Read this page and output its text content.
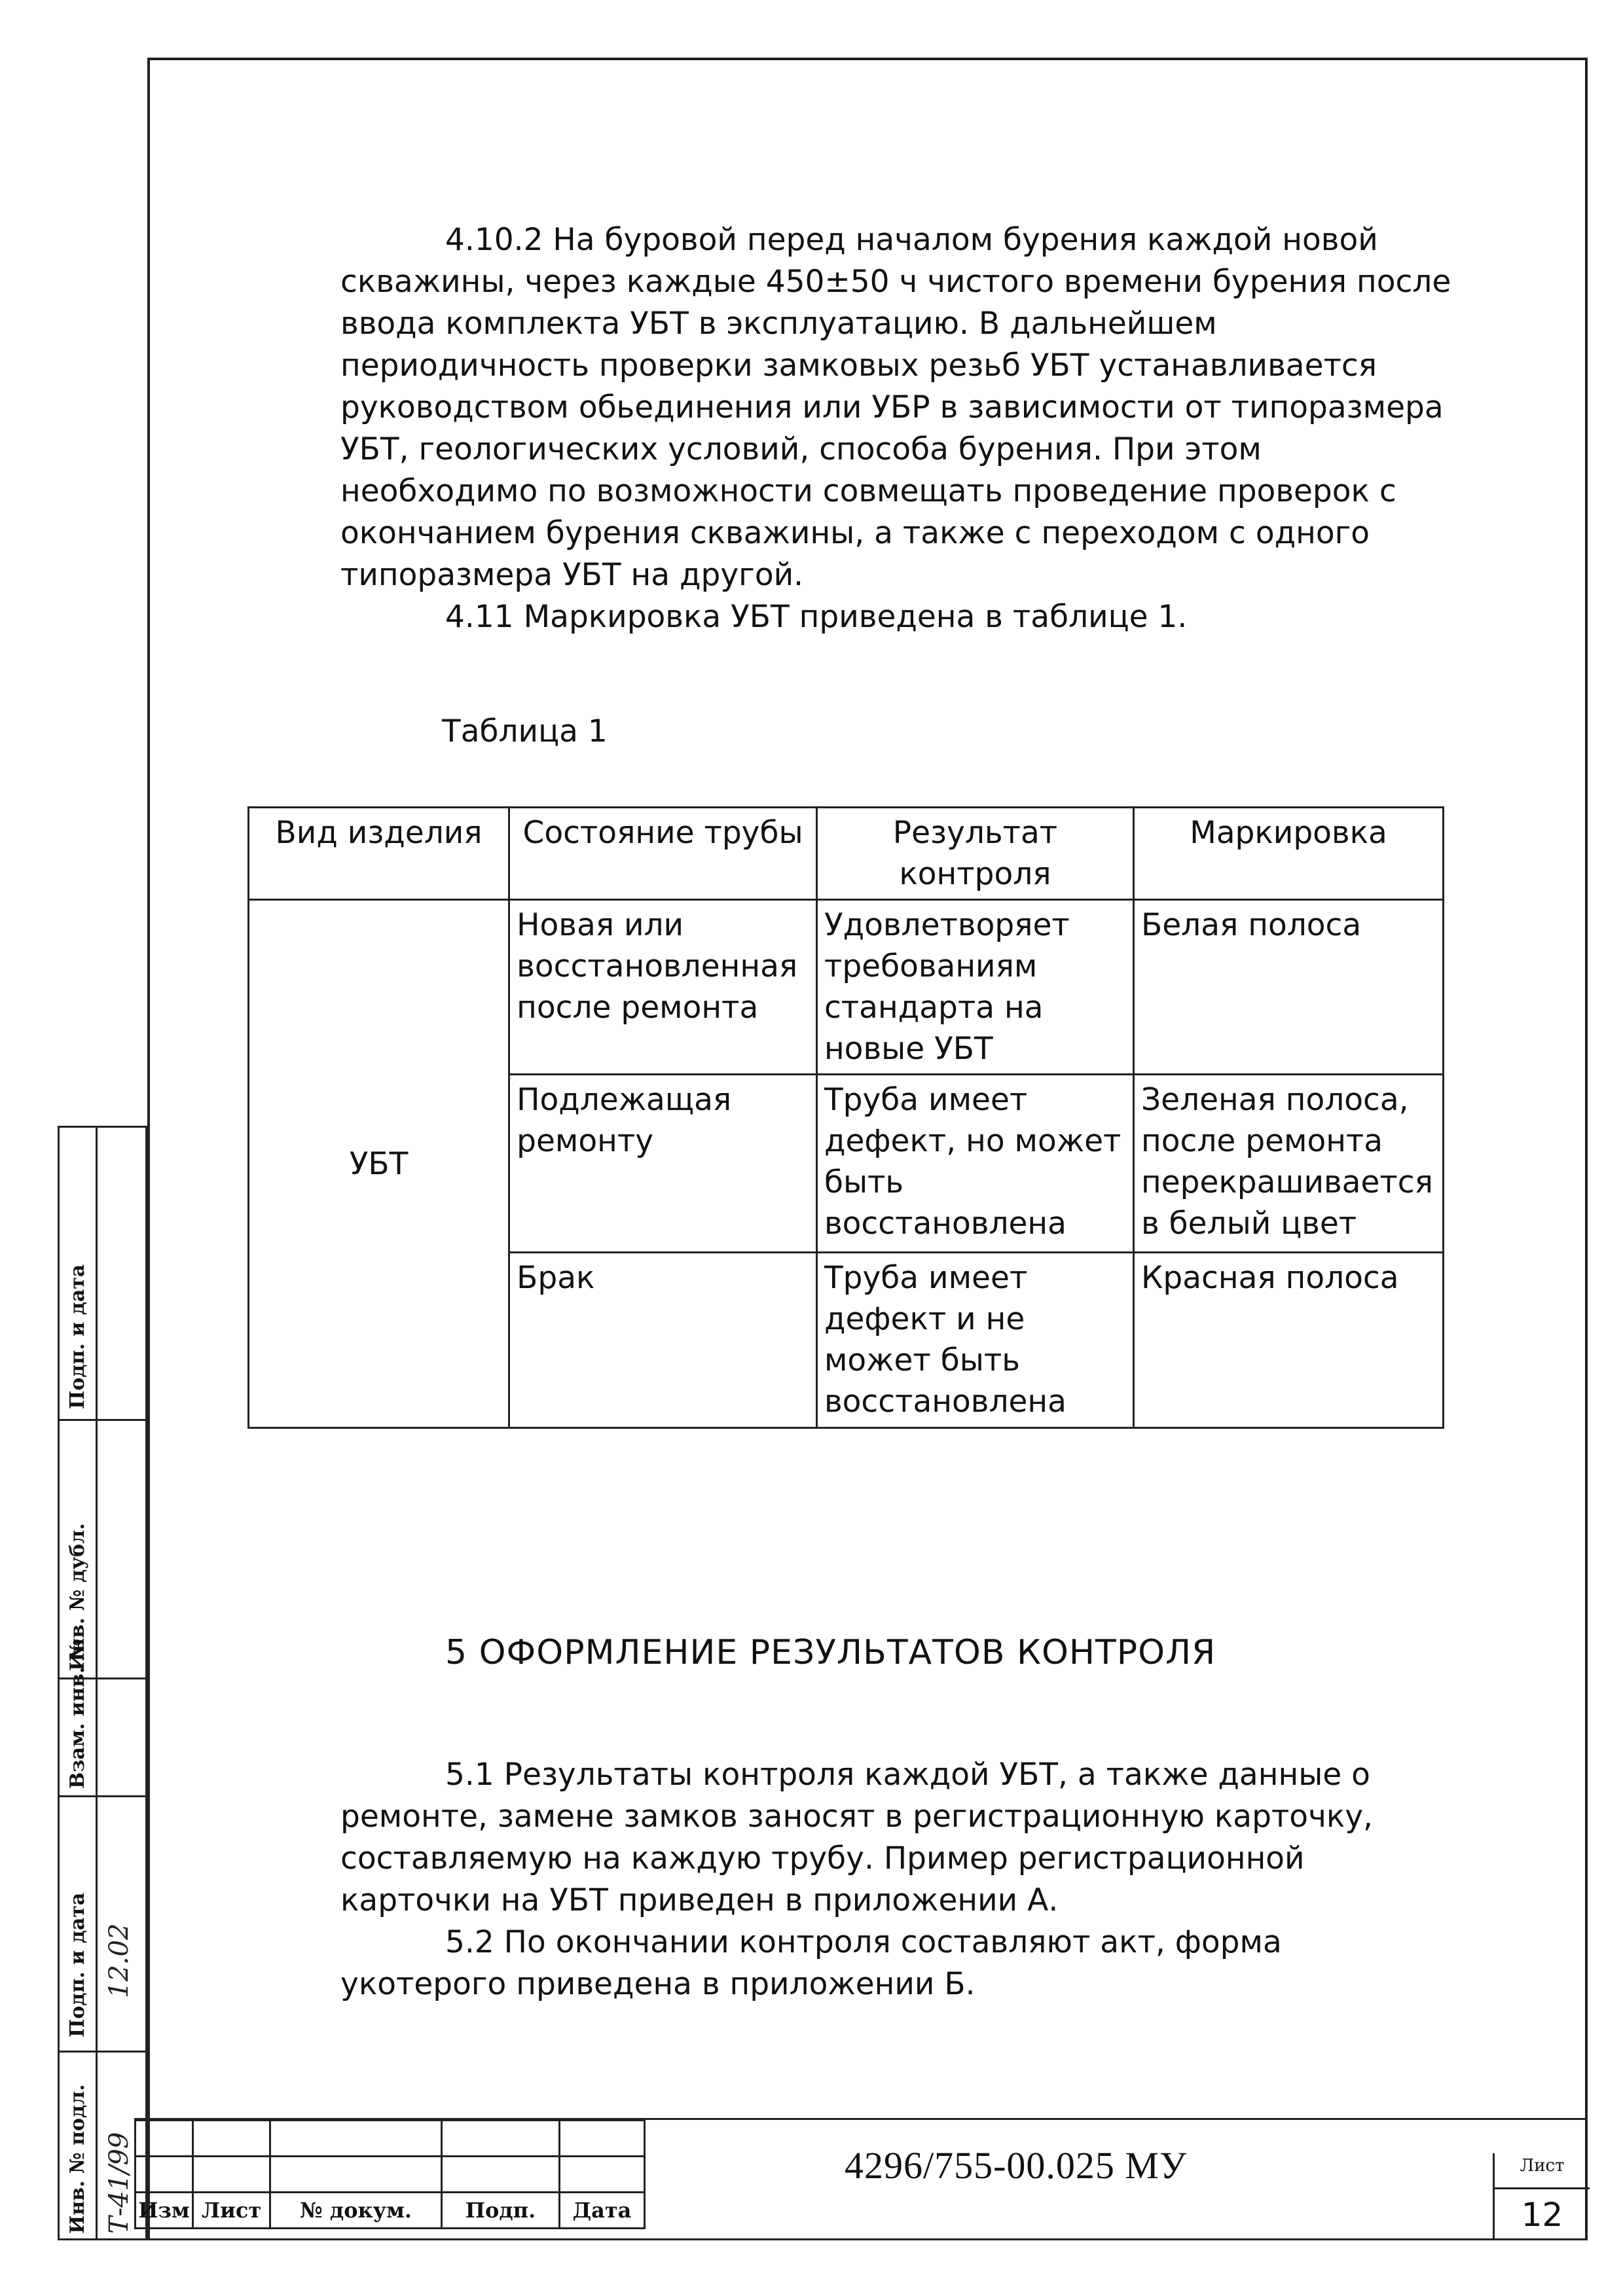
4.10.2 На буровой перед началом бурения каждой новой скважины, через каждые 450±50 ч чистого времени бурения после ввода комплекта УБТ в эксплуатацию. В дальнейшем периодичность проверки замковых резьб УБТ устанавливается руководством обьединения или УБР в зависимости от типоразмера УБТ, геологических условий, способа бурения. При этом необходимо по возможности совмещать проведение проверок с окончанием бурения скважины, а также с переходом с одного типоразмера УБТ на другой.

4.11 Маркировка УБТ приведена в таблице 1.

Таблица 1
Вид изделия	Состояние трубы	Результат контроля	Маркировка
УБТ	Новая или восстановленная после ремонта	Удовлетворяет требованиям стандарта на новые УБТ	Белая полоса
	Подлежащая ремонту	Труба имеет дефект, но может быть восстановлена	Зеленая полоса, после ремонта перекрашивается в белый цвет
	Брак	Труба имеет дефект и не может быть восстановлена	Красная полоса
5 ОФОРМЛЕНИЕ РЕЗУЛЬТАТОВ КОНТРОЛЯ

5.1 Результаты контроля каждой УБТ, а также данные о ремонте, замене замков заносят в регистрационную карточку, составляемую на каждую трубу. Пример регистрационной карточки на УБТ приведен в приложении А.

5.2 По окончании контроля составляют акт, форма укотерого приведена в приложении Б.

Инв. № подл.
Подп. и дата
Взам. инв. №
Инв. № дубл.
Подп. и дата
Т-41/99
12.02

Изм	Лист	№ докум.	Подп.	Дата
4296/755-00.025 МУ	Лист
12
